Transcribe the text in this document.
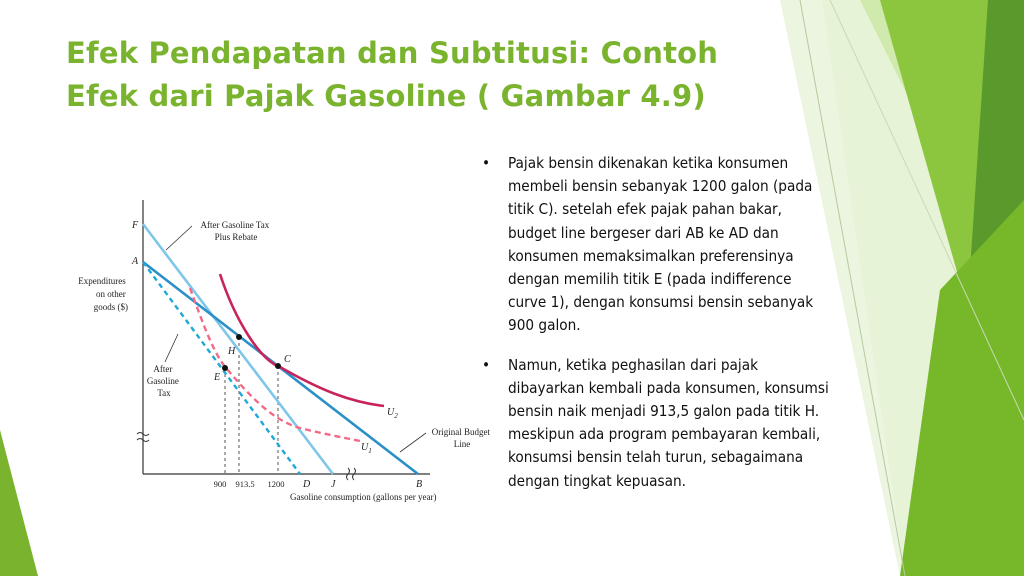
Efek Pendapatan dan Subtitusi: Contoh
Efek dari Pajak Gasoline ( Gambar 4.9)
• Pajak bensin dikenakan ketika konsumen membeli bensin sebanyak 1200 galon (pada titik C). setelah efek pajak pahan bakar, budget line bergeser dari AB ke AD dan konsumen memaksimalkan preferensinya dengan memilih titik E (pada indifference curve 1), dengan konsumsi bensin sebanyak 900 galon.
• Namun, ketika peghasilan dari pajak dibayarkan kembali pada konsumen, konsumsi bensin naik menjadi 913,5 galon pada titik H. meskipun ada program pembayaran kembali, konsumsi bensin telah turun, sebagaimana dengan tingkat kepuasan.
F
A
H
C
E
D J	B
$U_2$
$U_1$
900 913.5 1200
Expenditures on other goods ($)
Gasoline consumption (gallons per year)
After Gasoline Tax Plus Rebate
After Gasoline Tax
Original Budget Line
